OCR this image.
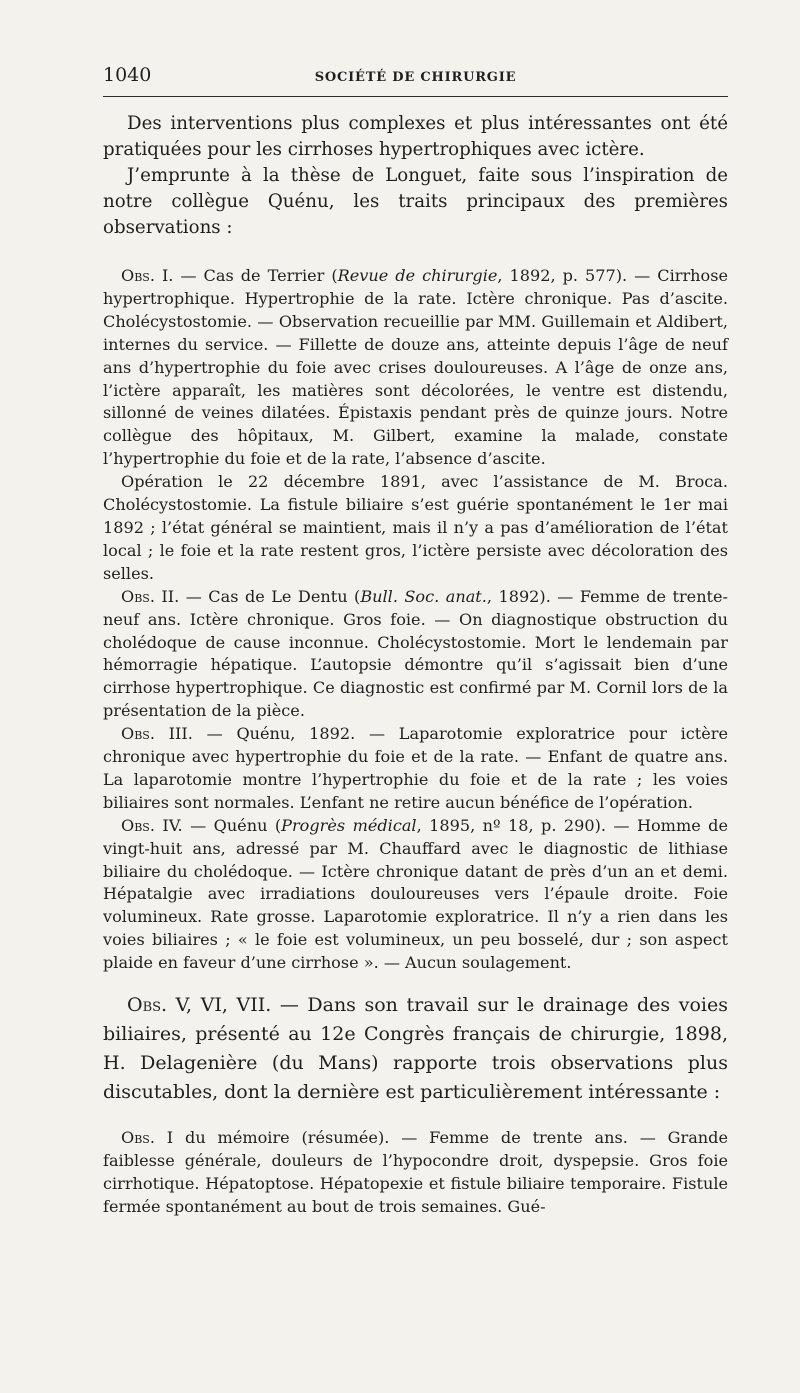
1040	SOCIÉTÉ DE CHIRURGIE

Des interventions plus complexes et plus intéressantes ont été pratiquées pour les cirrhoses hypertrophiques avec ictère.

J’emprunte à la thèse de Longuet, faite sous l’inspiration de notre collègue Quénu, les traits principaux des premières observations :

Obs. I. — Cas de Terrier (Revue de chirurgie, 1892, p. 577). — Cirrhose hypertrophique. Hypertrophie de la rate. Ictère chronique. Pas d’ascite. Cholécystostomie. — Observation recueillie par MM. Guillemain et Aldibert, internes du service. — Fillette de douze ans, atteinte depuis l’âge de neuf ans d’hypertrophie du foie avec crises douloureuses. A l’âge de onze ans, l’ictère apparaît, les matières sont décolorées, le ventre est distendu, sillonné de veines dilatées. Épistaxis pendant près de quinze jours. Notre collègue des hôpitaux, M. Gilbert, examine la malade, constate l’hypertrophie du foie et de la rate, l’absence d’ascite.

Opération le 22 décembre 1891, avec l’assistance de M. Broca. Cholécystostomie. La fistule biliaire s’est guérie spontanément le 1er mai 1892 ; l’état général se maintient, mais il n’y a pas d’amélioration de l’état local ; le foie et la rate restent gros, l’ictère persiste avec décoloration des selles.

Obs. II. — Cas de Le Dentu (Bull. Soc. anat., 1892). — Femme de trente-neuf ans. Ictère chronique. Gros foie. — On diagnostique obstruction du cholédoque de cause inconnue. Cholécystostomie. Mort le lendemain par hémorragie hépatique. L’autopsie démontre qu’il s’agissait bien d’une cirrhose hypertrophique. Ce diagnostic est confirmé par M. Cornil lors de la présentation de la pièce.

Obs. III. — Quénu, 1892. — Laparotomie exploratrice pour ictère chronique avec hypertrophie du foie et de la rate. — Enfant de quatre ans. La laparotomie montre l’hypertrophie du foie et de la rate ; les voies biliaires sont normales. L’enfant ne retire aucun bénéfice de l’opération.

Obs. IV. — Quénu (Progrès médical, 1895, nº 18, p. 290). — Homme de vingt-huit ans, adressé par M. Chauffard avec le diagnostic de lithiase biliaire du cholédoque. — Ictère chronique datant de près d’un an et demi. Hépatalgie avec irradiations douloureuses vers l’épaule droite. Foie volumineux. Rate grosse. Laparotomie exploratrice. Il n’y a rien dans les voies biliaires ; « le foie est volumineux, un peu bosselé, dur ; son aspect plaide en faveur d’une cirrhose ». — Aucun soulagement.

Obs. V, VI, VII. — Dans son travail sur le drainage des voies biliaires, présenté au 12e Congrès français de chirurgie, 1898, H. Delagenière (du Mans) rapporte trois observations plus discutables, dont la dernière est particulièrement intéressante :

Obs. I du mémoire (résumée). — Femme de trente ans. — Grande faiblesse générale, douleurs de l’hypocondre droit, dyspepsie. Gros foie cirrhotique. Hépatoptose. Hépatopexie et fistule biliaire temporaire. Fistule fermée spontanément au bout de trois semaines. Gué-
